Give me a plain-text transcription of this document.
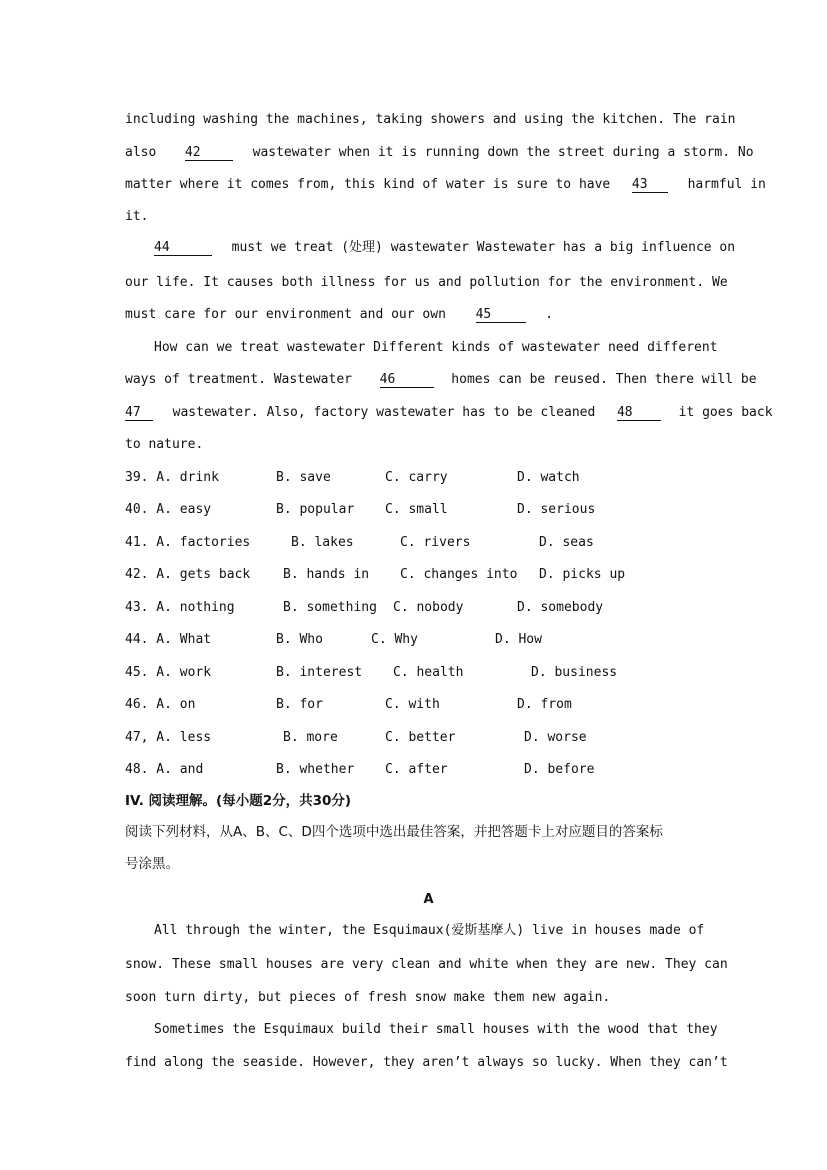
including washing the machines, taking showers and using the kitchen. The rain
also 42	wastewater when it is running down the street during a storm. No
matter where it comes from, this kind of water is sure to have 43	harmful in
it.
44	must we treat (处理) wastewater Wastewater has a big influence on
our life. It causes both illness for us and pollution for the environment. We
must care for our environment and our own 45	.
How can we treat wastewater Different kinds of wastewater need different
ways of treatment. Wastewater 46	homes can be reused. Then there will be
47 wastewater. Also, factory wastewater has to be cleaned 48	it goes back
to nature.
39. A. drink	B. save	C. carry	D. watch
40. A. easy	B. popular C. small	D. serious
41. A. factories	B. lakes	C. rivers	D. seas
42. A. gets back	B. hands in C. changes into D. picks up
43. A. nothing	B. something C. nobody	D. somebody
44. A. What	B. Who	C. Why	D. How
45. A. work	B. interest C. health	D. business
46. A. on	B. for	C. with	D. from
47, A. less	B. more	C. better	D. worse
48. A. and	B. whether C. after	D. before
IV. 阅读理解。(每小题2分，共30分)
阅读下列材料，从A、B、C、D四个选项中选出最佳答案，并把答题卡上对应题目的答案标
号涂黑。
A
All through the winter, the Esquimaux(爱斯基摩人) live in houses made of
snow. These small houses are very clean and white when they are new. They can
soon turn dirty, but pieces of fresh snow make them new again.
Sometimes the Esquimaux build their small houses with the wood that they
find along the seaside. However, they aren’t always so lucky. When they can’t
